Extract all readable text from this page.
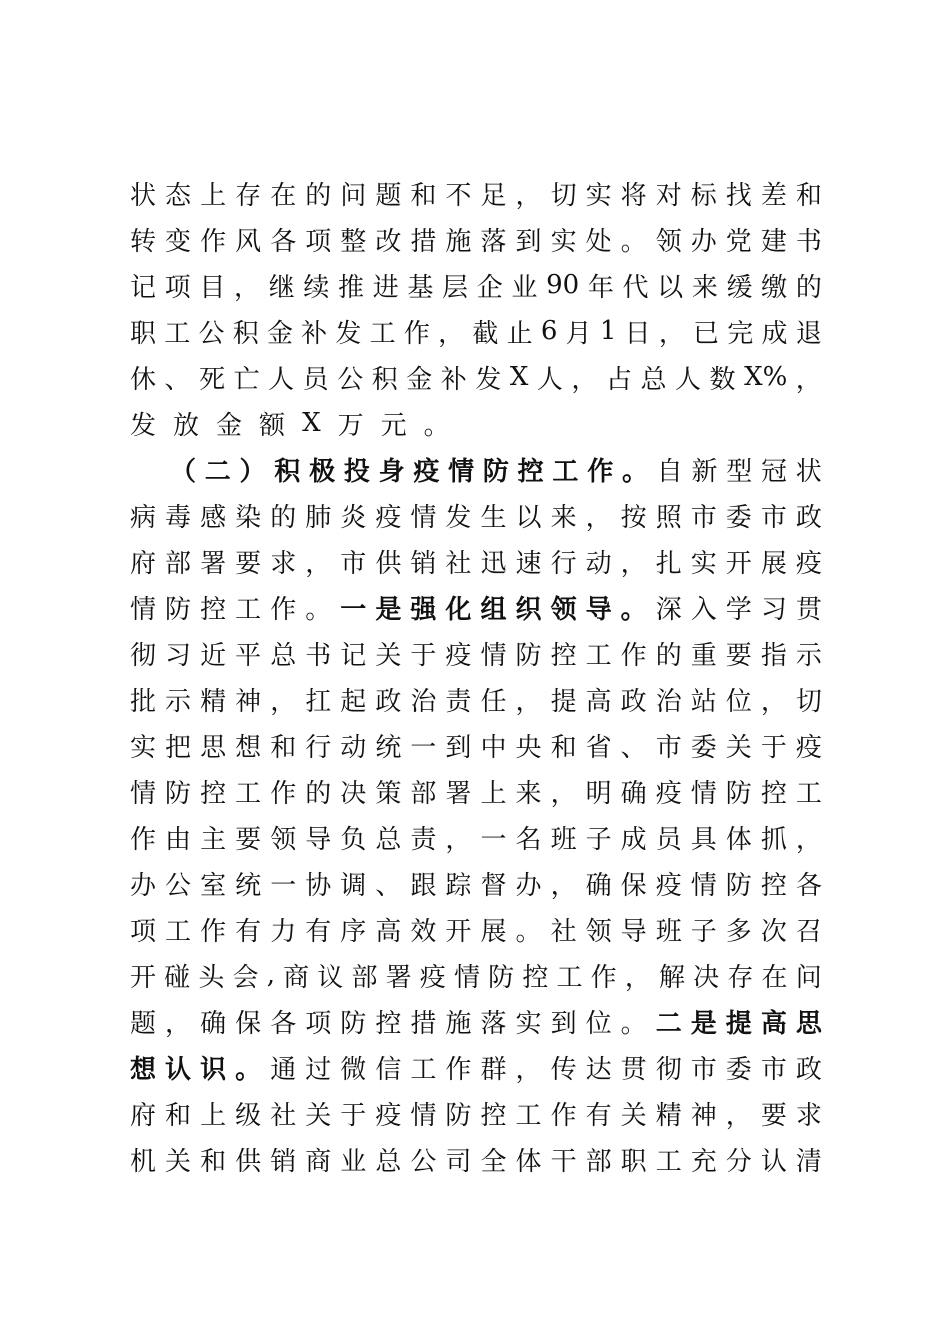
状 态 上 存 在 的 问 题 和 不 足 ， 切 实 将 对 标 找 差 和
转 变 作 风 各 项 整 改 措 施 落 到 实 处 。 领 办 党 建 书
记 项 目 ， 继 续 推 进 基 层 企 业 90 年 代 以 来 缓 缴 的
职 工 公 积 金 补 发 工 作 ， 截 止 6 月 1 日 ， 已 完 成 退
休 、 死 亡 人 员 公 积 金 补 发 X 人 ， 占 总 人 数 X% ，
发 放 金 额 X 万 元 。
（ 二 ） 积 极 投 身 疫 情 防 控 工 作 。 自 新 型 冠 状
病 毒 感 染 的 肺 炎 疫 情 发 生 以 来 ， 按 照 市 委 市 政
府 部 署 要 求 ， 市 供 销 社 迅 速 行 动 ， 扎 实 开 展 疫
情 防 控 工 作 。 一 是 强 化 组 织 领 导 。 深 入 学 习 贯
彻 习 近 平 总 书 记 关 于 疫 情 防 控 工 作 的 重 要 指 示
批 示 精 神 ， 扛 起 政 治 责 任 ， 提 高 政 治 站 位 ， 切
实 把 思 想 和 行 动 统 一 到 中 央 和 省 、 市 委 关 于 疫
情 防 控 工 作 的 决 策 部 署 上 来 ， 明 确 疫 情 防 控 工
作 由 主 要 领 导 负 总 责 ， 一 名 班 子 成 员 具 体 抓 ，
办 公 室 统 一 协 调 、 跟 踪 督 办 ， 确 保 疫 情 防 控 各
项 工 作 有 力 有 序 高 效 开 展 。 社 领 导 班 子 多 次 召
开 碰 头 会 , 商 议 部 署 疫 情 防 控 工 作 ， 解 决 存 在 问
题 ， 确 保 各 项 防 控 措 施 落 实 到 位 。 二 是 提 高 思
想 认 识 。 通 过 微 信 工 作 群 ， 传 达 贯 彻 市 委 市 政
府 和 上 级 社 关 于 疫 情 防 控 工 作 有 关 精 神 ， 要 求
机 关 和 供 销 商 业 总 公 司 全 体 干 部 职 工 充 分 认 清
